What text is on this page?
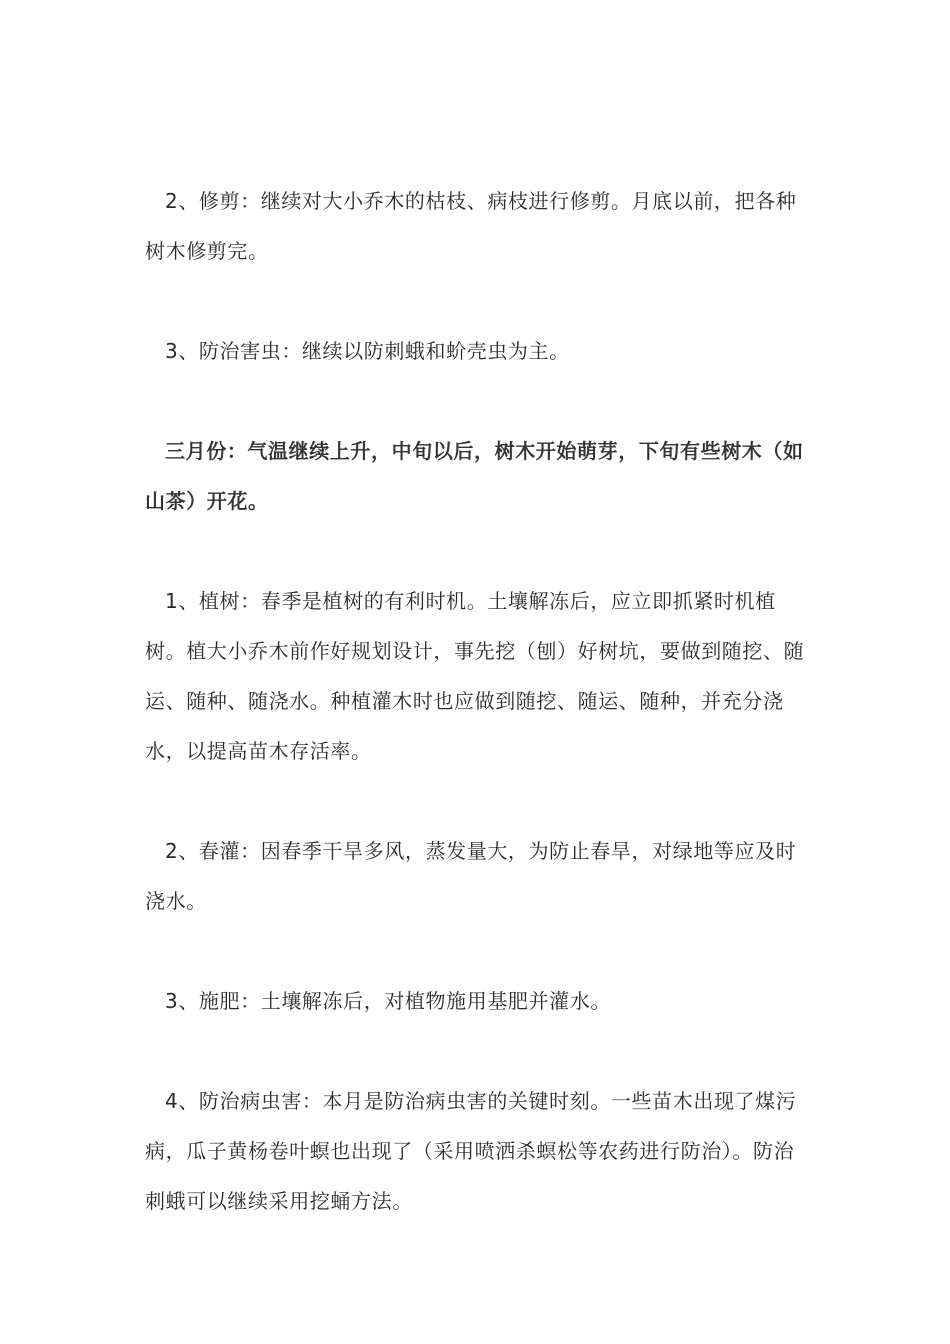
2、修剪：继续对大小乔木的枯枝、病枝进行修剪。月底以前，把各种树木修剪完。

3、防治害虫：继续以防刺蛾和蚧壳虫为主。

三月份：气温继续上升，中旬以后，树木开始萌芽，下旬有些树木（如山茶）开花。

1、植树：春季是植树的有利时机。土壤解冻后，应立即抓紧时机植树。植大小乔木前作好规划设计，事先挖（刨）好树坑，要做到随挖、随运、随种、随浇水。种植灌木时也应做到随挖、随运、随种，并充分浇水，以提高苗木存活率。

2、春灌：因春季干旱多风，蒸发量大，为防止春旱，对绿地等应及时浇水。

3、施肥：土壤解冻后，对植物施用基肥并灌水。

4、防治病虫害：本月是防治病虫害的关键时刻。一些苗木出现了煤污病，瓜子黄杨卷叶螟也出现了（采用喷洒杀螟松等农药进行防治）。防治刺蛾可以继续采用挖蛹方法。
